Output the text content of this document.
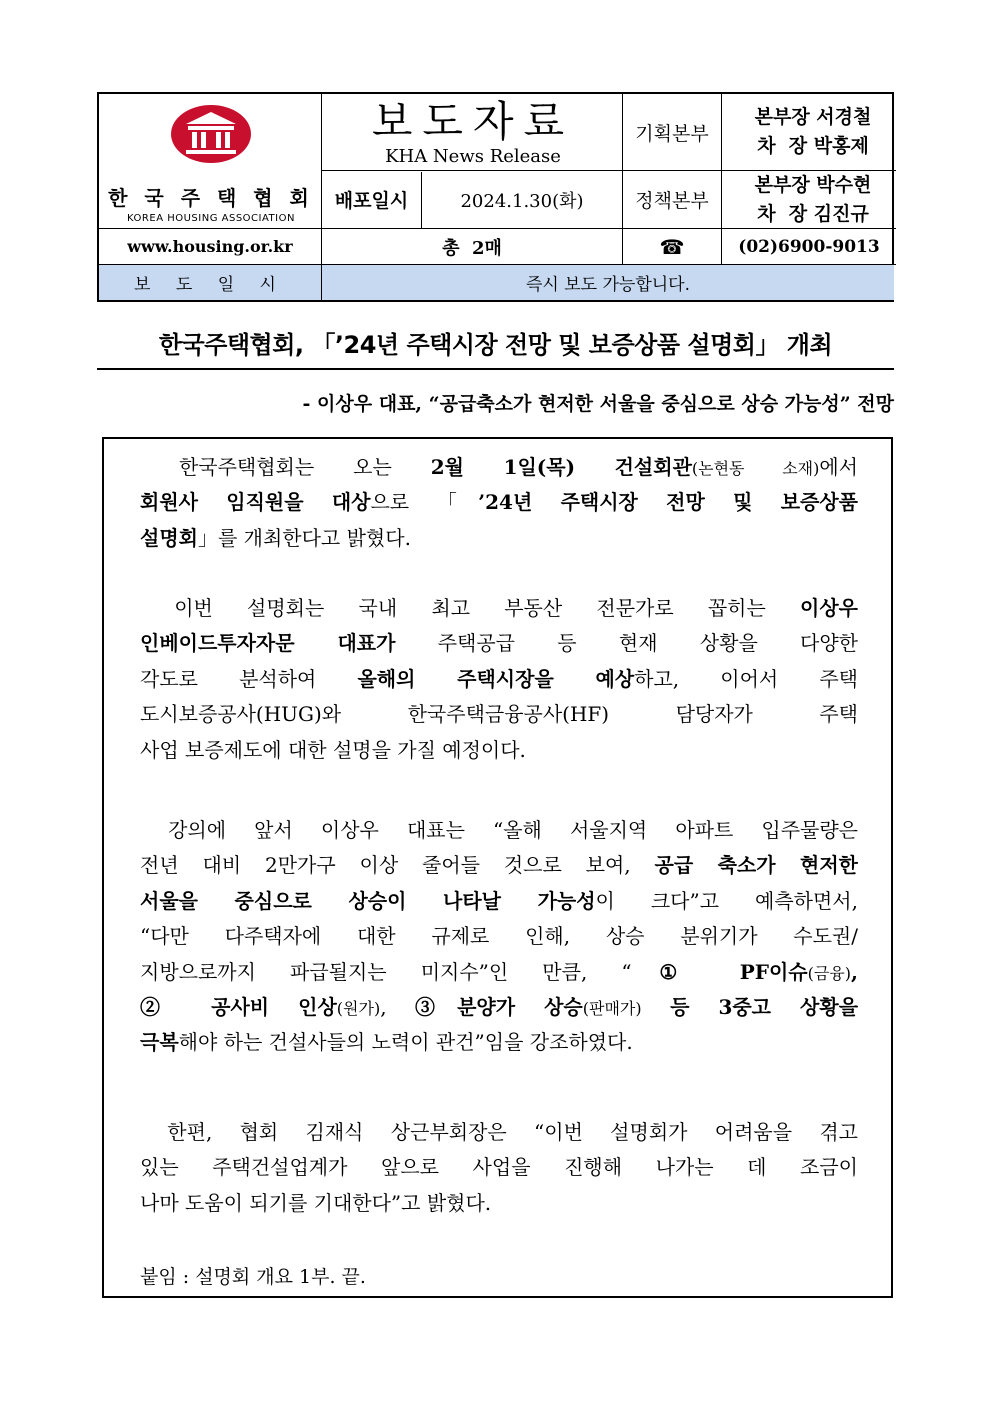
한 국 주 택 협 회
KOREA HOUSING ASSOCIATION
보도자료
KHA News Release
기획본부
본부장 서경철
차  장 박홍제
배포일시	2024.1.30(화)	정책본부
본부장 박수현
차  장 김진규
www.housing.or.kr	총  2매	☎	(02)6900-9013
보 도 일 시	즉시 보도 가능합니다.
한국주택협회, 「’24년 주택시장 전망 및 보증상품 설명회」 개최
- 이상우 대표, “공급축소가 현저한 서울을 중심으로 상승 가능성” 전망
한국주택협회는 오는 2월 1일(목) 건설회관(논현동 소재)에서
회원사 임직원을 대상으로 「’24년 주택시장 전망 및 보증상품
설명회」를 개최한다고 밝혔다.
이번 설명회는 국내 최고 부동산 전문가로 꼽히는 이상우
인베이드투자자문 대표가 주택공급 등 현재 상황을 다양한
각도로 분석하여 올해의 주택시장을 예상하고, 이어서 주택
도시보증공사(HUG)와 한국주택금융공사(HF) 담당자가 주택
사업 보증제도에 대한 설명을 가질 예정이다.
강의에 앞서 이상우 대표는 “올해 서울지역 아파트 입주물량은
전년 대비 2만가구 이상 줄어들 것으로 보여, 공급 축소가 현저한
서울을 중심으로 상승이 나타날 가능성이 크다”고 예측하면서,
“다만 다주택자에 대한 규제로 인해, 상승 분위기가 수도권/
지방으로까지 파급될지는 미지수”인 만큼, “① PF이슈(금융),
② 공사비 인상(원가), ③분양가 상승(판매가) 등 3중고 상황을
극복해야 하는 건설사들의 노력이 관건”임을 강조하였다.
한편, 협회 김재식 상근부회장은 “이번 설명회가 어려움을 겪고
있는 주택건설업계가 앞으로 사업을 진행해 나가는 데 조금이
나마 도움이 되기를 기대한다”고 밝혔다.
붙임 : 설명회 개요 1부. 끝.
